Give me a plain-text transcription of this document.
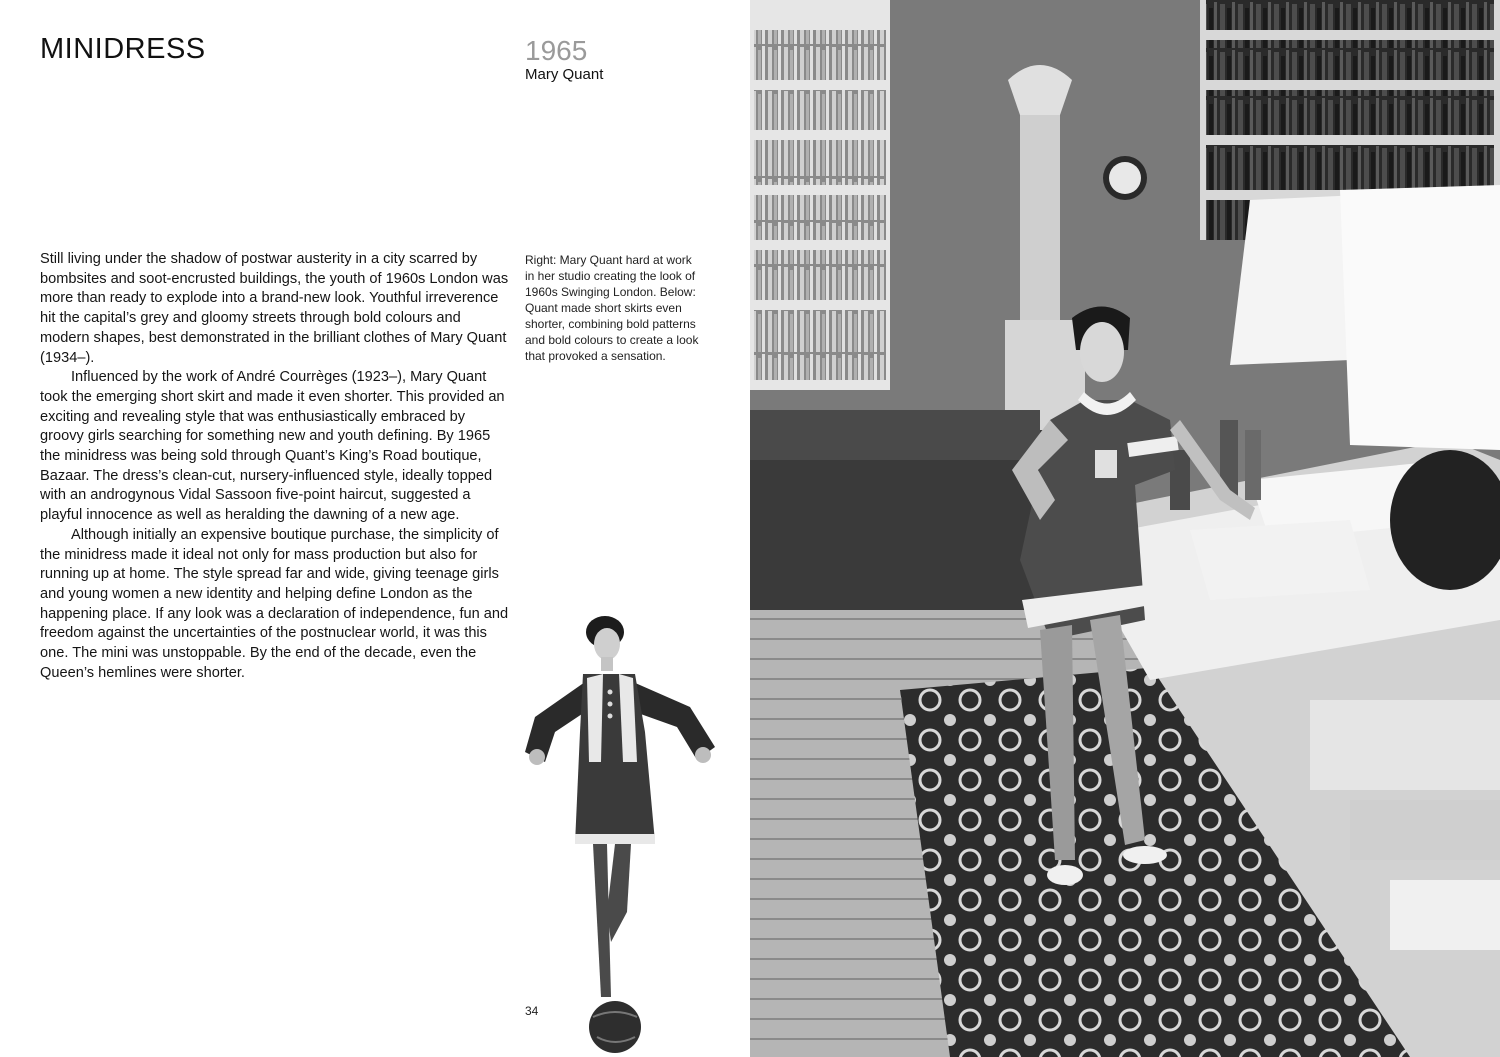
MINIDRESS	1965
Mary Quant

Still living under the shadow of postwar austerity in a city scarred by bombsites and soot-encrusted buildings, the youth of 1960s London was more than ready to explode into a brand-new look. Youthful irreverence hit the capital’s grey and gloomy streets through bold colours and modern shapes, best demonstrated in the brilliant clothes of Mary Quant (1934–).

Influenced by the work of André Courrèges (1923–), Mary Quant took the emerging short skirt and made it even shorter. This provided an exciting and revealing style that was enthusiastically embraced by groovy girls searching for something new and youth defining. By 1965 the minidress was being sold through Quant’s King’s Road boutique, Bazaar. The dress’s clean-cut, nursery-influenced style, ideally topped with an androgynous Vidal Sassoon five-point haircut, suggested a playful innocence as well as heralding the dawning of a new age.

Although initially an expensive boutique purchase, the simplicity of the minidress made it ideal not only for mass production but also for running up at home. The style spread far and wide, giving teenage girls and young women a new identity and helping define London as the happening place. If any look was a declaration of independence, fun and freedom against the uncertainties of the postnuclear world, it was this one. The mini was unstoppable. By the end of the decade, even the Queen’s hemlines were shorter.

Right: Mary Quant hard at work in her studio creating the look of 1960s Swinging London. Below: Quant made short skirts even shorter, combining bold patterns and bold colours to create a look that provoked a sensation.
34
